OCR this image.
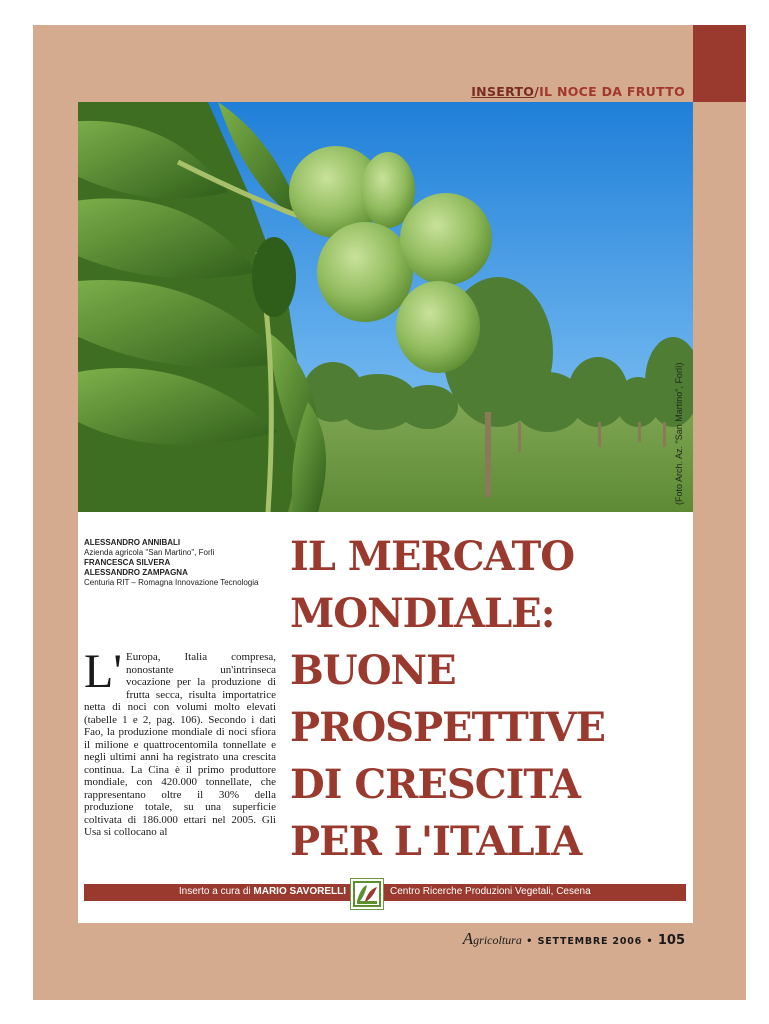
INSERTO/IL NOCE DA FRUTTO
(Foto Arch. Az. "San Martino", Forlì)
ALESSANDRO ANNIBALI
Azienda agricola "San Martino", Forlì
FRANCESCA SILVERA
ALESSANDRO ZAMPAGNA
Centuria RIT – Romagna Innovazione Tecnologia
L' Europa, Italia compresa, nonostante un'intrinseca vocazione per la produzione di frutta secca, risulta importatrice netta di noci con volumi molto elevati (tabelle 1 e 2, pag. 106). Secondo i dati Fao, la produzione mondiale di noci sfiora il milione e quattrocentomila tonnellate e negli ultimi anni ha registrato una crescita continua. La Cina è il primo produttore mondiale, con 420.000 tonnellate, che rappresentano oltre il 30% della produzione totale, su una superficie coltivata di 186.000 ettari nel 2005. Gli Usa si collocano al
IL MERCATO
MONDIALE:
BUONE
PROSPETTIVE
DI CRESCITA
PER L'ITALIA
Inserto a cura di MARIO SAVORELLI	Centro Ricerche Produzioni Vegetali, Cesena
Agricoltura • SETTEMBRE 2006 • 105
